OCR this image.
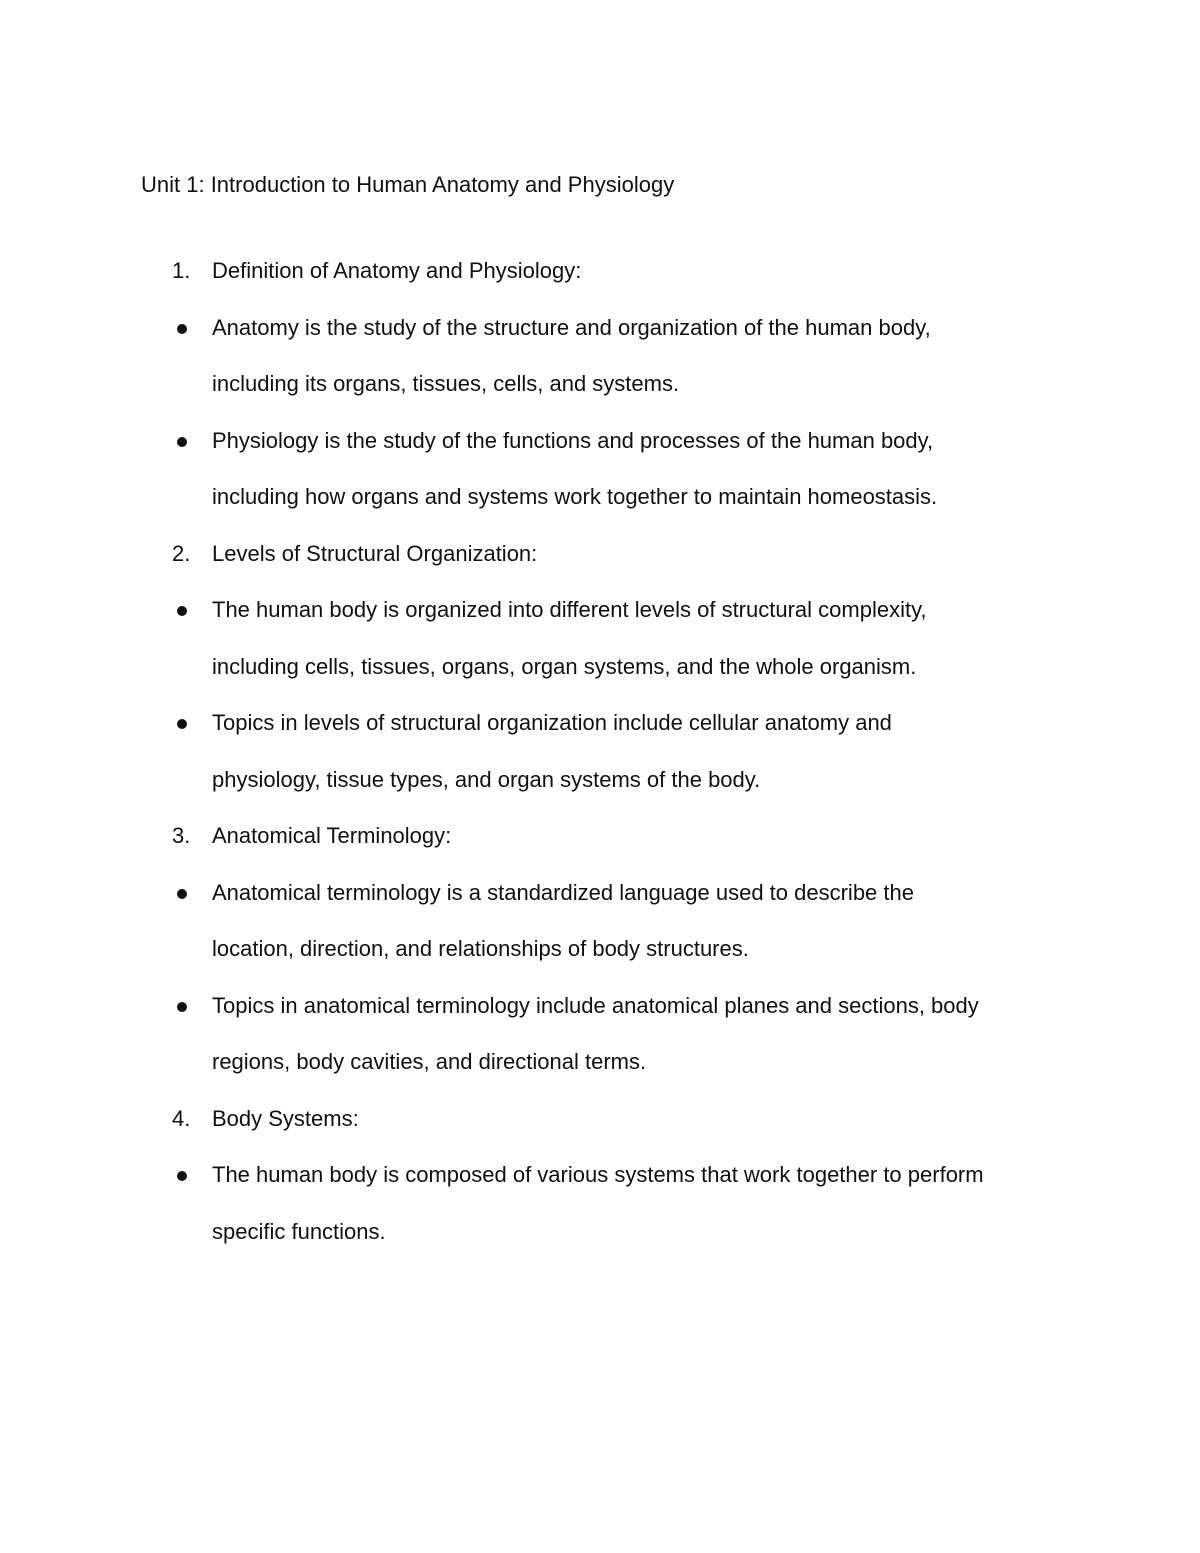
Unit 1: Introduction to Human Anatomy and Physiology
1. Definition of Anatomy and Physiology:
Anatomy is the study of the structure and organization of the human body,
including its organs, tissues, cells, and systems.
Physiology is the study of the functions and processes of the human body,
including how organs and systems work together to maintain homeostasis.
2. Levels of Structural Organization:
The human body is organized into different levels of structural complexity,
including cells, tissues, organs, organ systems, and the whole organism.
Topics in levels of structural organization include cellular anatomy and
physiology, tissue types, and organ systems of the body.
3. Anatomical Terminology:
Anatomical terminology is a standardized language used to describe the
location, direction, and relationships of body structures.
Topics in anatomical terminology include anatomical planes and sections, body
regions, body cavities, and directional terms.
4. Body Systems:
The human body is composed of various systems that work together to perform
specific functions.
